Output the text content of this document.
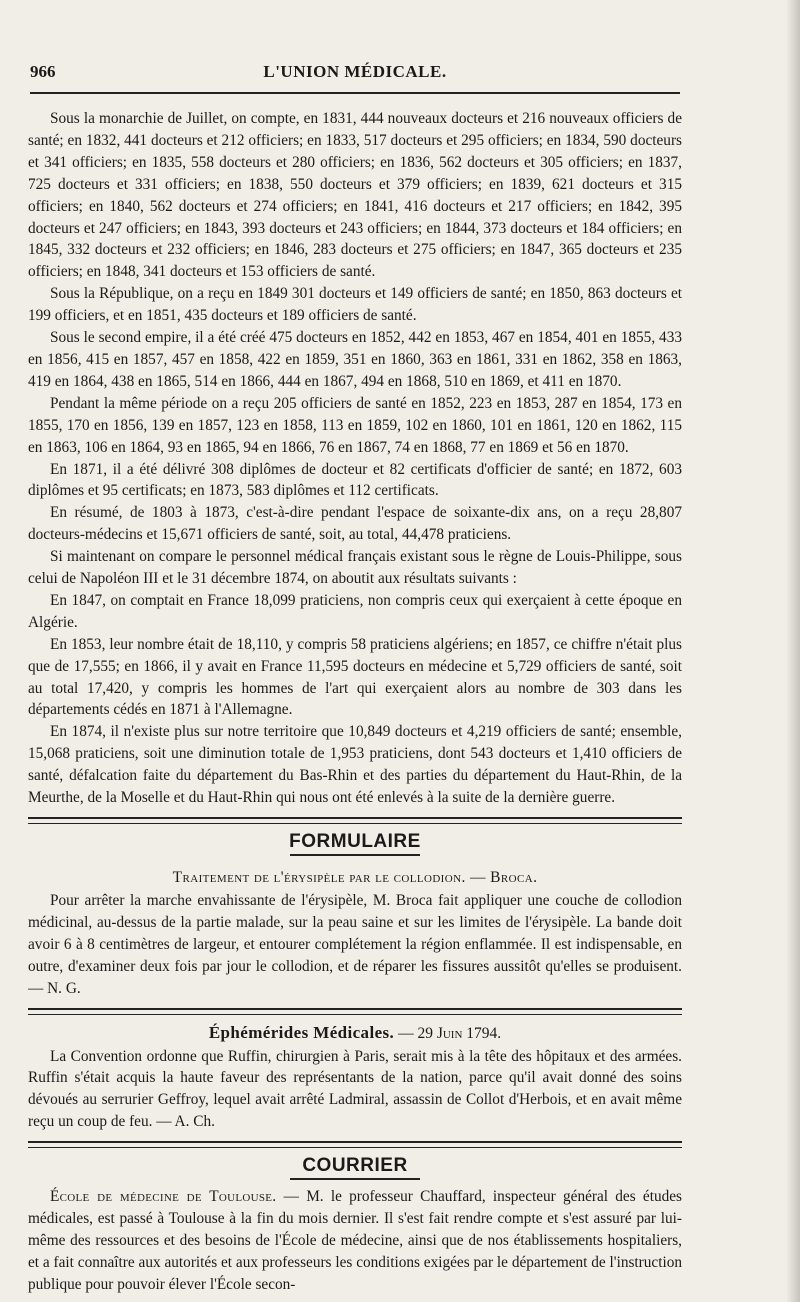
966	L'UNION MÉDICALE.

Sous la monarchie de Juillet, on compte, en 1831, 444 nouveaux docteurs et 216 nouveaux officiers de santé; en 1832, 441 docteurs et 212 officiers; en 1833, 517 docteurs et 295 officiers; en 1834, 590 docteurs et 341 officiers; en 1835, 558 docteurs et 280 officiers; en 1836, 562 docteurs et 305 officiers; en 1837, 725 docteurs et 331 officiers; en 1838, 550 docteurs et 379 officiers; en 1839, 621 docteurs et 315 officiers; en 1840, 562 docteurs et 274 officiers; en 1841, 416 docteurs et 217 officiers; en 1842, 395 docteurs et 247 officiers; en 1843, 393 docteurs et 243 officiers; en 1844, 373 docteurs et 184 officiers; en 1845, 332 docteurs et 232 officiers; en 1846, 283 docteurs et 275 officiers; en 1847, 365 docteurs et 235 officiers; en 1848, 341 docteurs et 153 officiers de santé.

Sous la République, on a reçu en 1849 301 docteurs et 149 officiers de santé; en 1850, 863 docteurs et 199 officiers, et en 1851, 435 docteurs et 189 officiers de santé.

Sous le second empire, il a été créé 475 docteurs en 1852, 442 en 1853, 467 en 1854, 401 en 1855, 433 en 1856, 415 en 1857, 457 en 1858, 422 en 1859, 351 en 1860, 363 en 1861, 331 en 1862, 358 en 1863, 419 en 1864, 438 en 1865, 514 en 1866, 444 en 1867, 494 en 1868, 510 en 1869, et 411 en 1870.

Pendant la même période on a reçu 205 officiers de santé en 1852, 223 en 1853, 287 en 1854, 173 en 1855, 170 en 1856, 139 en 1857, 123 en 1858, 113 en 1859, 102 en 1860, 101 en 1861, 120 en 1862, 115 en 1863, 106 en 1864, 93 en 1865, 94 en 1866, 76 en 1867, 74 en 1868, 77 en 1869 et 56 en 1870.

En 1871, il a été délivré 308 diplômes de docteur et 82 certificats d'officier de santé; en 1872, 603 diplômes et 95 certificats; en 1873, 583 diplômes et 112 certificats.

En résumé, de 1803 à 1873, c'est-à-dire pendant l'espace de soixante-dix ans, on a reçu 28,807 docteurs-médecins et 15,671 officiers de santé, soit, au total, 44,478 praticiens.

Si maintenant on compare le personnel médical français existant sous le règne de Louis-Philippe, sous celui de Napoléon III et le 31 décembre 1874, on aboutit aux résultats suivants :

En 1847, on comptait en France 18,099 praticiens, non compris ceux qui exerçaient à cette époque en Algérie.

En 1853, leur nombre était de 18,110, y compris 58 praticiens algériens; en 1857, ce chiffre n'était plus que de 17,555; en 1866, il y avait en France 11,595 docteurs en médecine et 5,729 officiers de santé, soit au total 17,420, y compris les hommes de l'art qui exerçaient alors au nombre de 303 dans les départements cédés en 1871 à l'Allemagne.

En 1874, il n'existe plus sur notre territoire que 10,849 docteurs et 4,219 officiers de santé; ensemble, 15,068 praticiens, soit une diminution totale de 1,953 praticiens, dont 543 docteurs et 1,410 officiers de santé, défalcation faite du département du Bas-Rhin et des parties du département du Haut-Rhin, de la Meurthe, de la Moselle et du Haut-Rhin qui nous ont été enlevés à la suite de la dernière guerre.

FORMULAIRE

Traitement de l'érysipèle par le collodion. — Broca.

Pour arrêter la marche envahissante de l'érysipèle, M. Broca fait appliquer une couche de collodion médicinal, au-dessus de la partie malade, sur la peau saine et sur les limites de l'érysipèle. La bande doit avoir 6 à 8 centimètres de largeur, et entourer complétement la région enflammée. Il est indispensable, en outre, d'examiner deux fois par jour le collodion, et de réparer les fissures aussitôt qu'elles se produisent. — N. G.

Éphémérides Médicales. — 29 Juin 1794.

La Convention ordonne que Ruffin, chirurgien à Paris, serait mis à la tête des hôpitaux et des armées. Ruffin s'était acquis la haute faveur des représentants de la nation, parce qu'il avait donné des soins dévoués au serrurier Geffroy, lequel avait arrêté Ladmiral, assassin de Collot d'Herbois, et en avait même reçu un coup de feu. — A. Ch.

COURRIER

École de médecine de Toulouse. — M. le professeur Chauffard, inspecteur général des études médicales, est passé à Toulouse à la fin du mois dernier. Il s'est fait rendre compte et s'est assuré par lui-même des ressources et des besoins de l'École de médecine, ainsi que de nos établissements hospitaliers, et a fait connaître aux autorités et aux professeurs les conditions exigées par le département de l'instruction publique pour pouvoir élever l'École secon-
